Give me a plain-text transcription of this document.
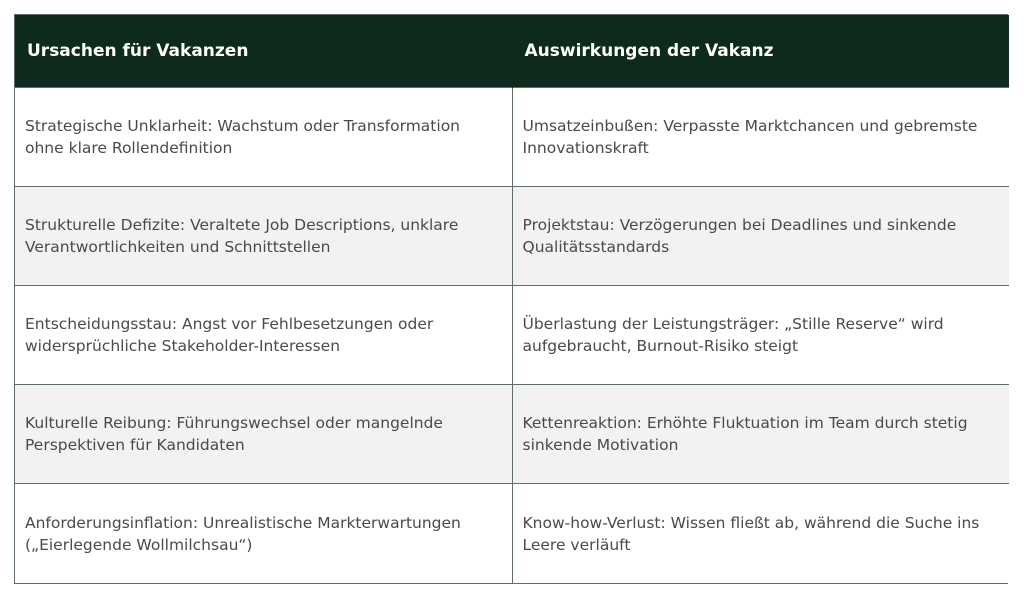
Ursachen für Vakanzen	Auswirkungen der Vakanz
Strategische Unklarheit: Wachstum oder Transformation ohne klare Rollendefinition	Umsatzeinbußen: Verpasste Marktchancen und gebremste Innovationskraft
Strukturelle Defizite: Veraltete Job Descriptions, unklare Verantwortlichkeiten und Schnittstellen	Projektstau: Verzögerungen bei Deadlines und sinkende Qualitätsstandards
Entscheidungsstau: Angst vor Fehlbesetzungen oder widersprüchliche Stakeholder-Interessen	Überlastung der Leistungsträger: „Stille Reserve“ wird aufgebraucht, Burnout-Risiko steigt
Kulturelle Reibung: Führungswechsel oder mangelnde Perspektiven für Kandidaten	Kettenreaktion: Erhöhte Fluktuation im Team durch stetig sinkende Motivation
Anforderungsinflation: Unrealistische Markterwartungen („Eierlegende Wollmilchsau“)	Know-how-Verlust: Wissen fließt ab, während die Suche ins Leere verläuft
